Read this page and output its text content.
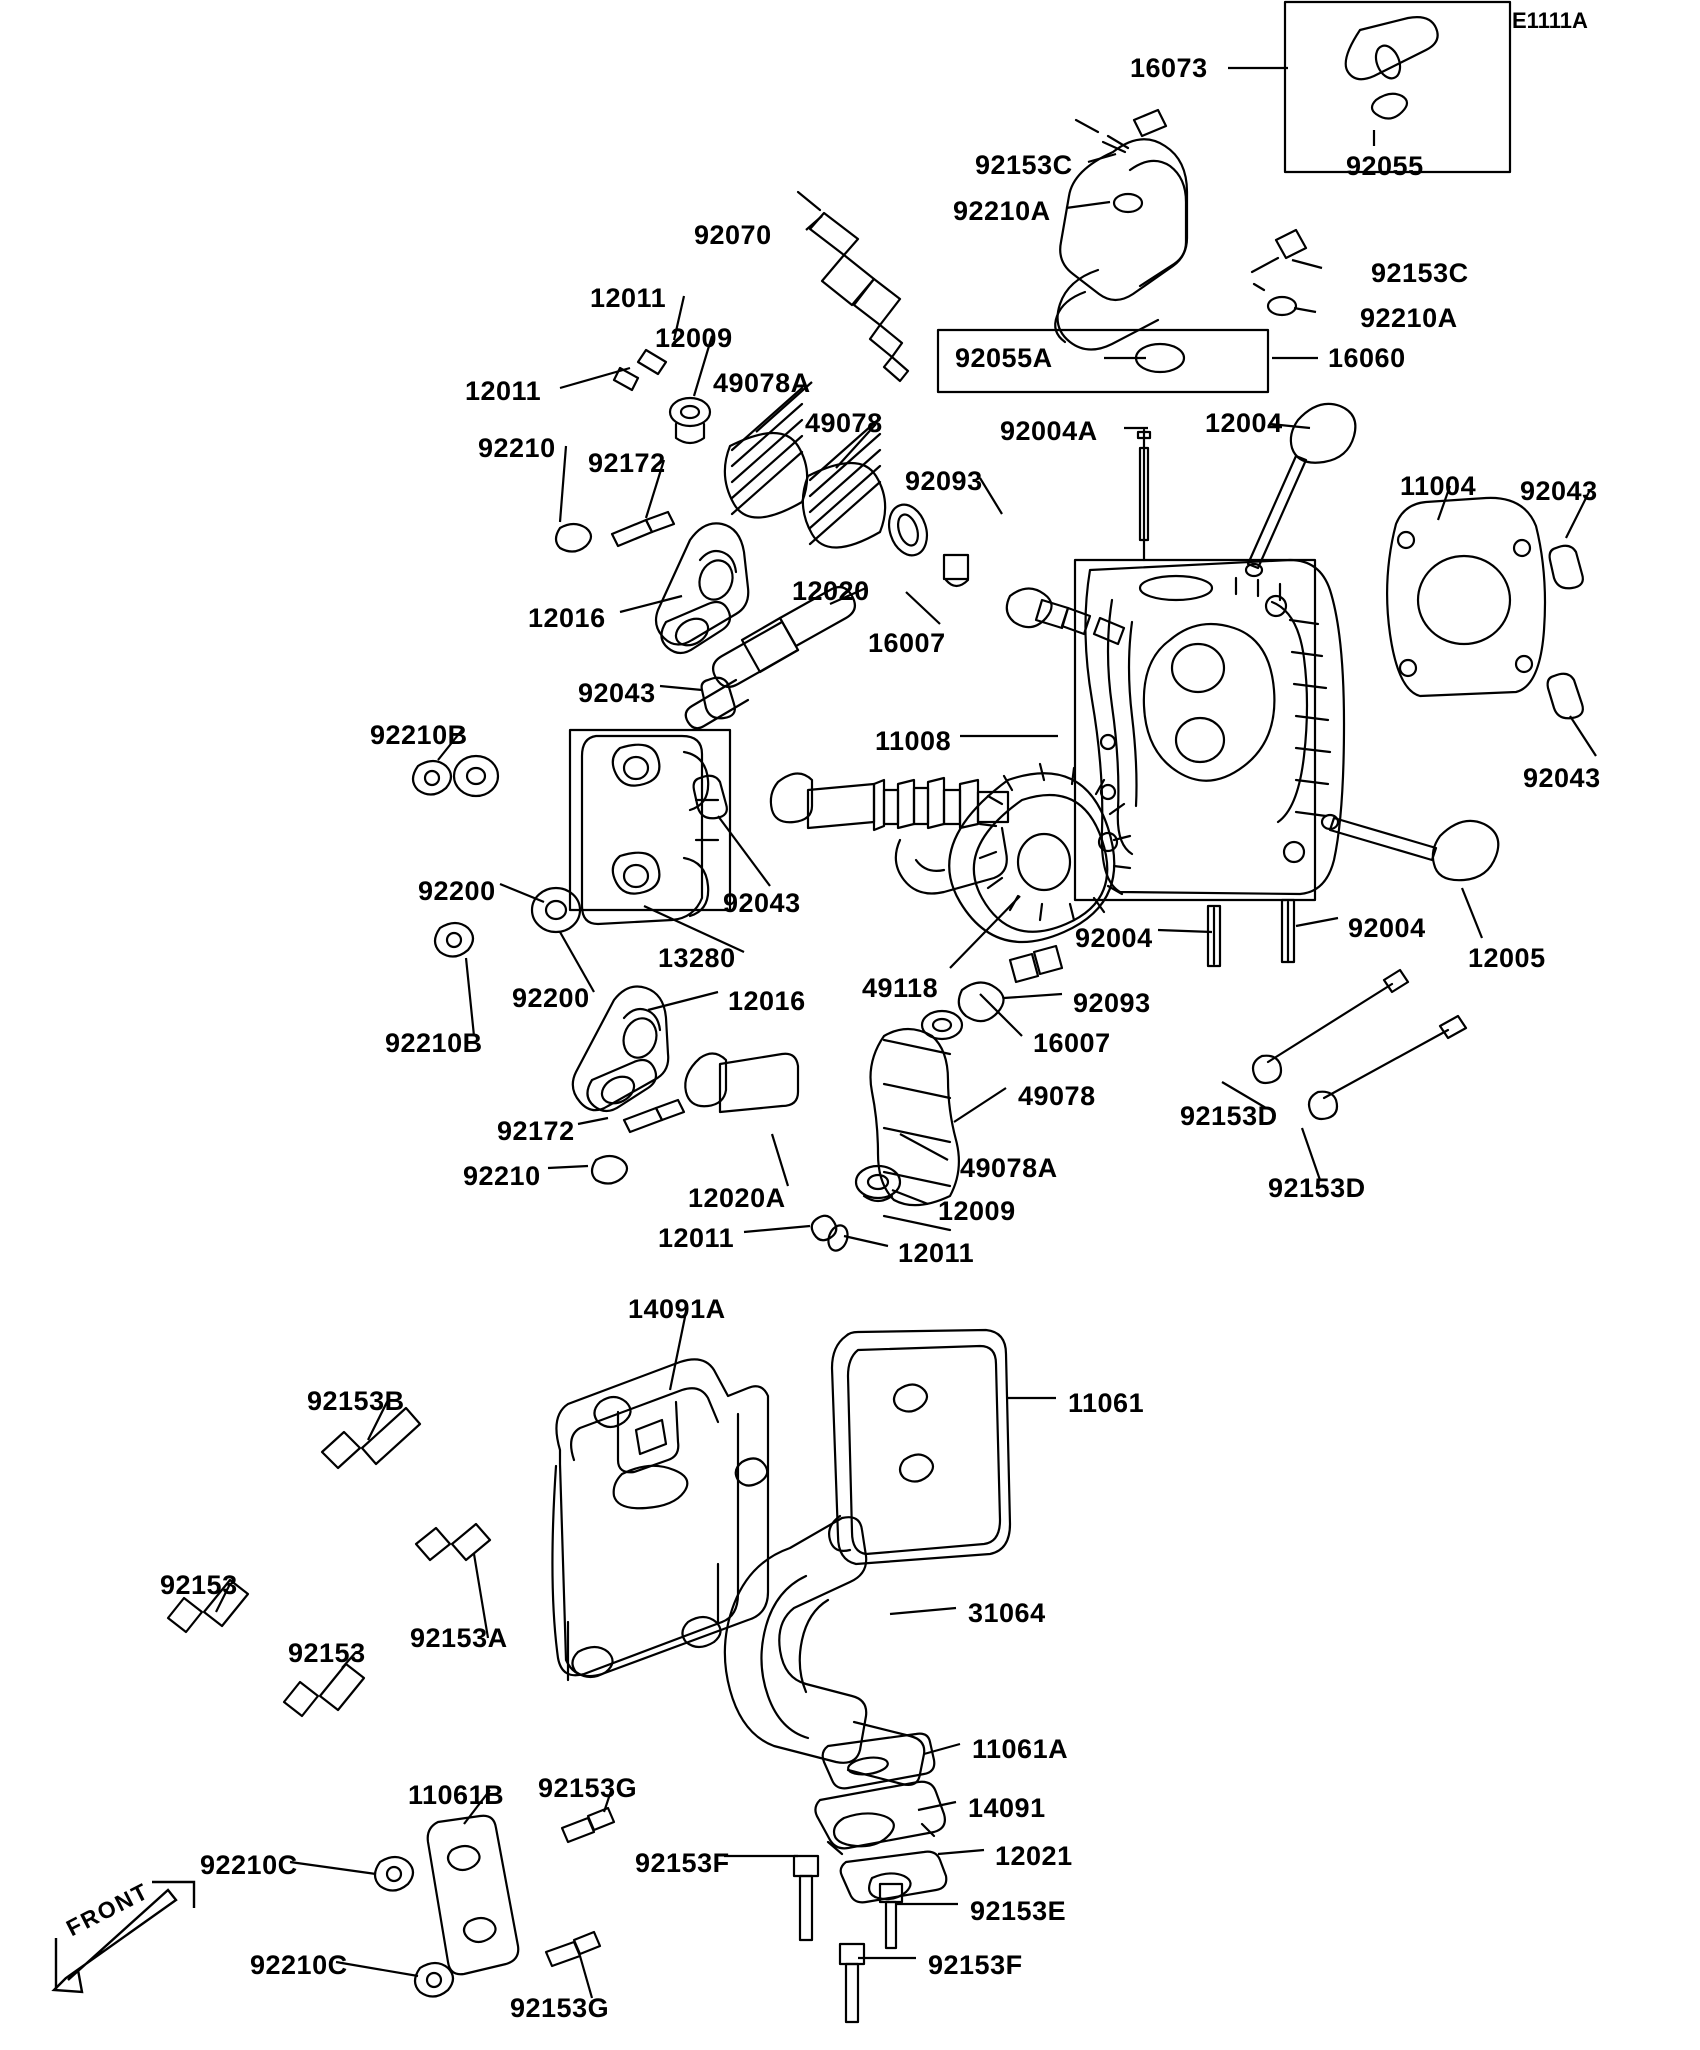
E1111A
FRONT
16073
92055
92153C
92210A
92070
92153C
92210A
92055A	16060
12011
12009
12011	49078A
49078	92004A	12004
92210 92172
92093	11004 92043
12016
12020
16007
92043
92210B	11008
92043
92200	92043
13280
49118
92004	92004
12005
92200	12016
92210B
92093
16007
49078
92153D
92172
49078A
92210
12020A	12009
92153D
12011	12011
14091A
11061
92153B
92153
92153A
31064
92153
11061A
11061B 92153G
14091
92153F	12021
92210C
92153E
92210C	92153F
92153G
